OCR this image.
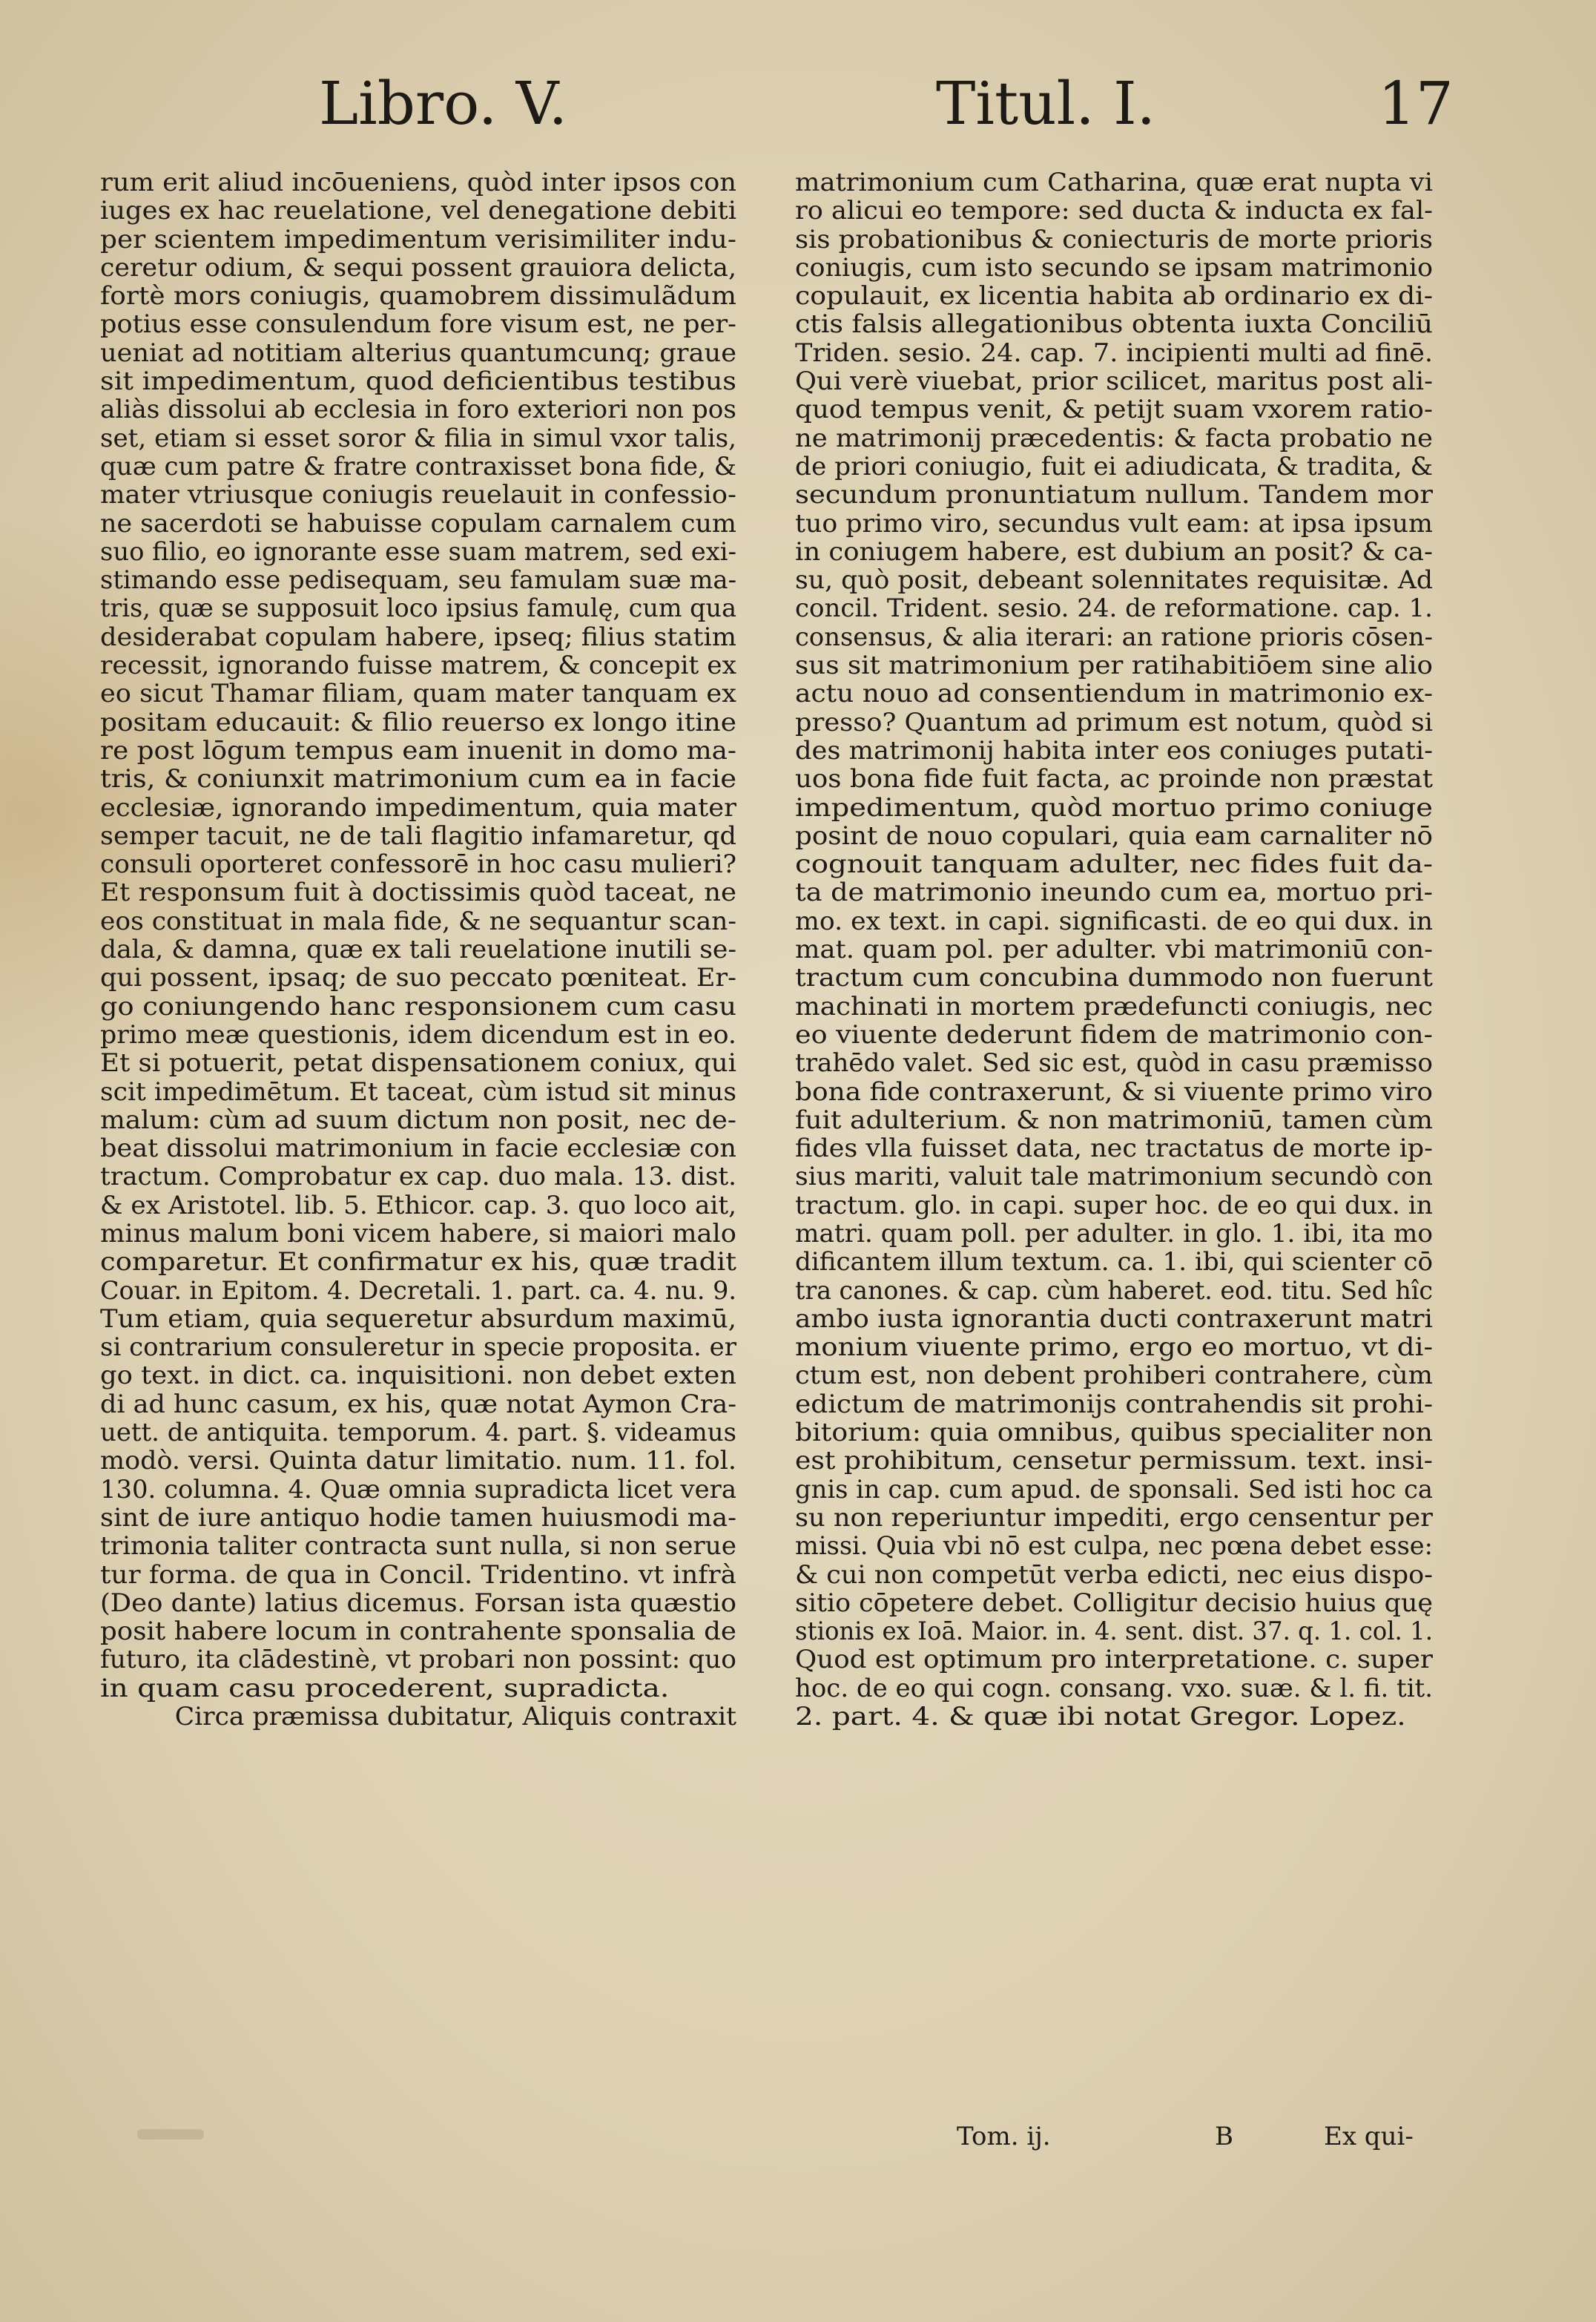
Libro. V.	Titul. I.	17
rum erit aliud incōueniens, quòd inter ipsos con
iuges ex hac reuelatione, vel denegatione debiti
per scientem impedimentum verisimiliter indu-
ceretur odium, & sequi possent grauiora delicta,
fortè mors coniugis, quamobrem dissimulãdum
potius esse consulendum fore visum est, ne per-
ueniat ad notitiam alterius quantumcunq; graue
sit impedimentum, quod deficientibus testibus
aliàs dissolui ab ecclesia in foro exteriori non pos
set, etiam si esset soror & filia in simul vxor talis,
quæ cum patre & fratre contraxisset bona fide, &
mater vtriusque coniugis reuelauit in confessio-
ne sacerdoti se habuisse copulam carnalem cum
suo filio, eo ignorante esse suam matrem, sed exi-
stimando esse pedisequam, seu famulam suæ ma-
tris, quæ se supposuit loco ipsius famulę, cum qua
desiderabat copulam habere, ipseq; filius statim
recessit, ignorando fuisse matrem, & concepit ex
eo sicut Thamar filiam, quam mater tanquam ex
positam educauit: & filio reuerso ex longo itine
re post lōgum tempus eam inuenit in domo ma-
tris, & coniunxit matrimonium cum ea in facie
ecclesiæ, ignorando impedimentum, quia mater
semper tacuit, ne de tali flagitio infamaretur, qd
consuli oporteret confessorē in hoc casu mulieri?
Et responsum fuit à doctissimis quòd taceat, ne
eos constituat in mala fide, & ne sequantur scan-
dala, & damna, quæ ex tali reuelatione inutili se-
qui possent, ipsaq; de suo peccato pœniteat. Er-
go coniungendo hanc responsionem cum casu
primo meæ questionis, idem dicendum est in eo.
Et si potuerit, petat dispensationem coniux, qui
scit impedimētum. Et taceat, cùm istud sit minus
malum: cùm ad suum dictum non posit, nec de-
beat dissolui matrimonium in facie ecclesiæ con
tractum. Comprobatur ex cap. duo mala. 13. dist.
& ex Aristotel. lib. 5. Ethicor. cap. 3. quo loco ait,
minus malum boni vicem habere, si maiori malo
comparetur. Et confirmatur ex his, quæ tradit
Couar. in Epitom. 4. Decretali. 1. part. ca. 4. nu. 9.
Tum etiam, quia sequeretur absurdum maximū,
si contrarium consuleretur in specie proposita. er
go text. in dict. ca. inquisitioni. non debet exten
di ad hunc casum, ex his, quæ notat Aymon Cra-
uett. de antiquita. temporum. 4. part. §. videamus
modò. versi. Quinta datur limitatio. num. 11. fol.
130. columna. 4. Quæ omnia supradicta licet vera
sint de iure antiquo hodie tamen huiusmodi ma-
trimonia taliter contracta sunt nulla, si non serue
tur forma. de qua in Concil. Tridentino. vt infrà
(Deo dante) latius dicemus. Forsan ista quæstio
posit habere locum in contrahente sponsalia de
futuro, ita clādestinè, vt probari non possint: quo
in quam casu procederent, supradicta.
Circa præmissa dubitatur, Aliquis contraxit
matrimonium cum Catharina, quæ erat nupta vi
ro alicui eo tempore: sed ducta & inducta ex fal-
sis probationibus & coniecturis de morte prioris
coniugis, cum isto secundo se ipsam matrimonio
copulauit, ex licentia habita ab ordinario ex di-
ctis falsis allegationibus obtenta iuxta Conciliū
Triden. sesio. 24. cap. 7. incipienti multi ad finē.
Qui verè viuebat, prior scilicet, maritus post ali-
quod tempus venit, & petijt suam vxorem ratio-
ne matrimonij præcedentis: & facta probatio ne
de priori coniugio, fuit ei adiudicata, & tradita, &
secundum pronuntiatum nullum. Tandem mor
tuo primo viro, secundus vult eam: at ipsa ipsum
in coniugem habere, est dubium an posit? & ca-
su, quò posit, debeant solennitates requisitæ. Ad
concil. Trident. sesio. 24. de reformatione. cap. 1.
consensus, & alia iterari: an ratione prioris cōsen-
sus sit matrimonium per ratihabitiōem sine alio
actu nouo ad consentiendum in matrimonio ex-
presso? Quantum ad primum est notum, quòd si
des matrimonij habita inter eos coniuges putati-
uos bona fide fuit facta, ac proinde non præstat
impedimentum, quòd mortuo primo coniuge
posint de nouo copulari, quia eam carnaliter nō
cognouit tanquam adulter, nec fides fuit da-
ta de matrimonio ineundo cum ea, mortuo pri-
mo. ex text. in capi. significasti. de eo qui dux. in
mat. quam pol. per adulter. vbi matrimoniū con-
tractum cum concubina dummodo non fuerunt
machinati in mortem prædefuncti coniugis, nec
eo viuente dederunt fidem de matrimonio con-
trahēdo valet. Sed sic est, quòd in casu præmisso
bona fide contraxerunt, & si viuente primo viro
fuit adulterium. & non matrimoniū, tamen cùm
fides vlla fuisset data, nec tractatus de morte ip-
sius mariti, valuit tale matrimonium secundò con
tractum. glo. in capi. super hoc. de eo qui dux. in
matri. quam poll. per adulter. in glo. 1. ibi, ita mo
dificantem illum textum. ca. 1. ibi, qui scienter cō
tra canones. & cap. cùm haberet. eod. titu. Sed hîc
ambo iusta ignorantia ducti contraxerunt matri
monium viuente primo, ergo eo mortuo, vt di-
ctum est, non debent prohiberi contrahere, cùm
edictum de matrimonijs contrahendis sit prohi-
bitorium: quia omnibus, quibus specialiter non
est prohibitum, censetur permissum. text. insi-
gnis in cap. cum apud. de sponsali. Sed isti hoc ca
su non reperiuntur impediti, ergo censentur per
missi. Quia vbi nō est culpa, nec pœna debet esse:
& cui non competūt verba edicti, nec eius dispo-
sitio cōpetere debet. Colligitur decisio huius quę
stionis ex Ioā. Maior. in. 4. sent. dist. 37. q. 1. col. 1.
Quod est optimum pro interpretatione. c. super
hoc. de eo qui cogn. consang. vxo. suæ. & l. fi. tit.
2. part. 4. & quæ ibi notat Gregor. Lopez.
Tom. ij.	B	Ex qui-
